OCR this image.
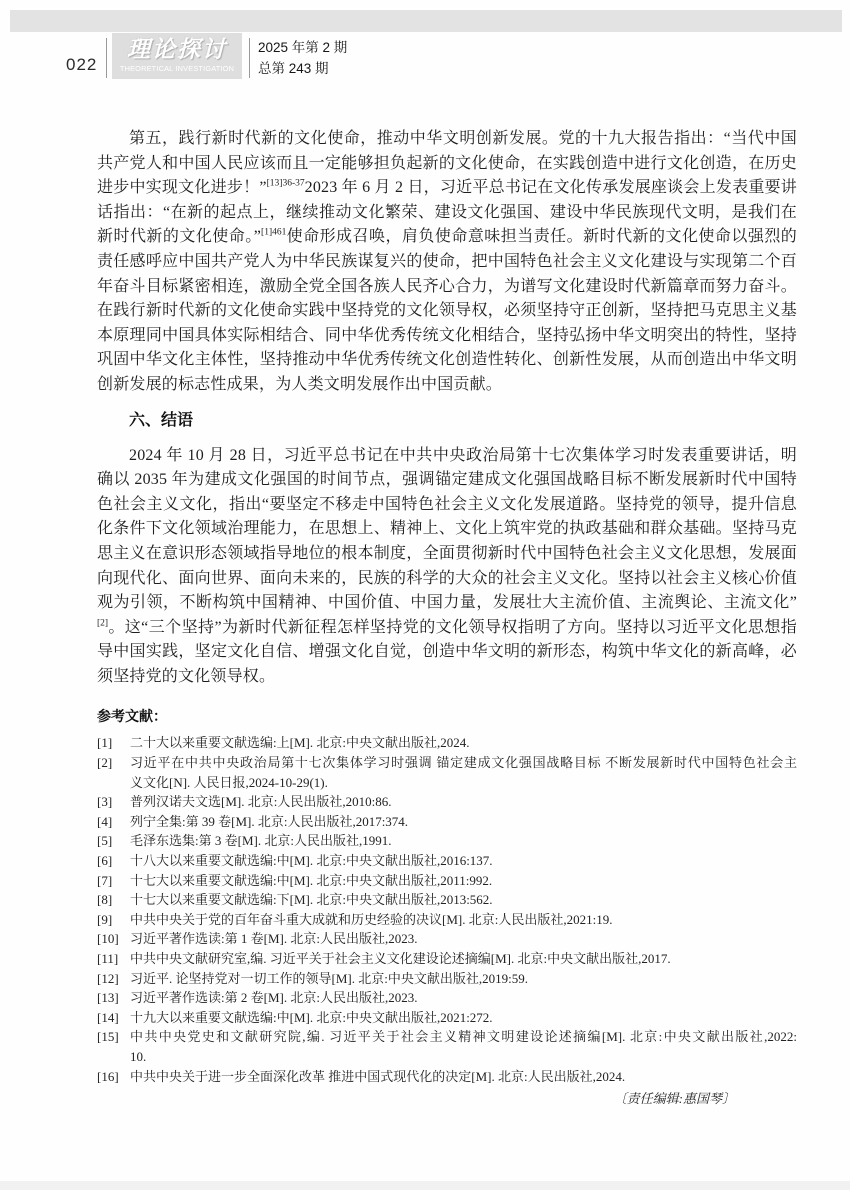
022
理论探讨
THEORETICAL INVESTIGATION
2025 年第 2 期
总第 243 期

第五，践行新时代新的文化使命，推动中华文明创新发展。党的十九大报告指出：“当代中国共产党人和中国人民应该而且一定能够担负起新的文化使命，在实践创造中进行文化创造，在历史进步中实现文化进步！”$^{[13]36-37}$2023 年 6 月 2 日，习近平总书记在文化传承发展座谈会上发表重要讲话指出：“在新的起点上，继续推动文化繁荣、建设文化强国、建设中华民族现代文明，是我们在新时代新的文化使命。”$^{[1]461}$使命形成召唤，肩负使命意味担当责任。新时代新的文化使命以强烈的责任感呼应中国共产党人为中华民族谋复兴的使命，把中国特色社会主义文化建设与实现第二个百年奋斗目标紧密相连，激励全党全国各族人民齐心合力，为谱写文化建设时代新篇章而努力奋斗。在践行新时代新的文化使命实践中坚持党的文化领导权，必须坚持守正创新，坚持把马克思主义基本原理同中国具体实际相结合、同中华优秀传统文化相结合，坚持弘扬中华文明突出的特性，坚持巩固中华文化主体性，坚持推动中华优秀传统文化创造性转化、创新性发展，从而创造出中华文明创新发展的标志性成果，为人类文明发展作出中国贡献。

六、结语

2024 年 10 月 28 日，习近平总书记在中共中央政治局第十七次集体学习时发表重要讲话，明确以 2035 年为建成文化强国的时间节点，强调锚定建成文化强国战略目标不断发展新时代中国特色社会主义文化，指出“要坚定不移走中国特色社会主义文化发展道路。坚持党的领导，提升信息化条件下文化领域治理能力，在思想上、精神上、文化上筑牢党的执政基础和群众基础。坚持马克思主义在意识形态领域指导地位的根本制度，全面贯彻新时代中国特色社会主义文化思想，发展面向现代化、面向世界、面向未来的，民族的科学的大众的社会主义文化。坚持以社会主义核心价值观为引领，不断构筑中国精神、中国价值、中国力量，发展壮大主流价值、主流舆论、主流文化”[2]。这“三个坚持”为新时代新征程怎样坚持党的文化领导权指明了方向。坚持以习近平文化思想指导中国实践，坚定文化自信、增强文化自觉，创造中华文明的新形态，构筑中华文化的新高峰，必须坚持党的文化领导权。

参考文献：
[1]	二十大以来重要文献选编:上[M]. 北京:中央文献出版社,2024.
[2]	习近平在中共中央政治局第十七次集体学习时强调 锚定建成文化强国战略目标 不断发展新时代中国特色社会主
义文化[N]. 人民日报,2024-10-29(1).
[3]	普列汉诺夫文选[M]. 北京:人民出版社,2010:86.
[4]	列宁全集:第 39 卷[M]. 北京:人民出版社,2017:374.
[5]	毛泽东选集:第 3 卷[M]. 北京:人民出版社,1991.
[6]	十八大以来重要文献选编:中[M]. 北京:中央文献出版社,2016:137.
[7]	十七大以来重要文献选编:中[M]. 北京:中央文献出版社,2011:992.
[8]	十七大以来重要文献选编:下[M]. 北京:中央文献出版社,2013:562.
[9]	中共中央关于党的百年奋斗重大成就和历史经验的决议[M]. 北京:人民出版社,2021:19.
[10] 习近平著作选读:第 1 卷[M]. 北京:人民出版社,2023.
[11] 中共中央文献研究室,编. 习近平关于社会主义文化建设论述摘编[M]. 北京:中央文献出版社,2017.
[12] 习近平. 论坚持党对一切工作的领导[M]. 北京:中央文献出版社,2019:59.
[13] 习近平著作选读:第 2 卷[M]. 北京:人民出版社,2023.
[14] 十九大以来重要文献选编:中[M]. 北京:中央文献出版社,2021:272.
[15] 中共中央党史和文献研究院,编. 习近平关于社会主义精神文明建设论述摘编[M]. 北京:中央文献出版社,2022:
10.
[16] 中共中央关于进一步全面深化改革 推进中国式现代化的决定[M]. 北京:人民出版社,2024.
〔责任编辑:惠国琴〕
